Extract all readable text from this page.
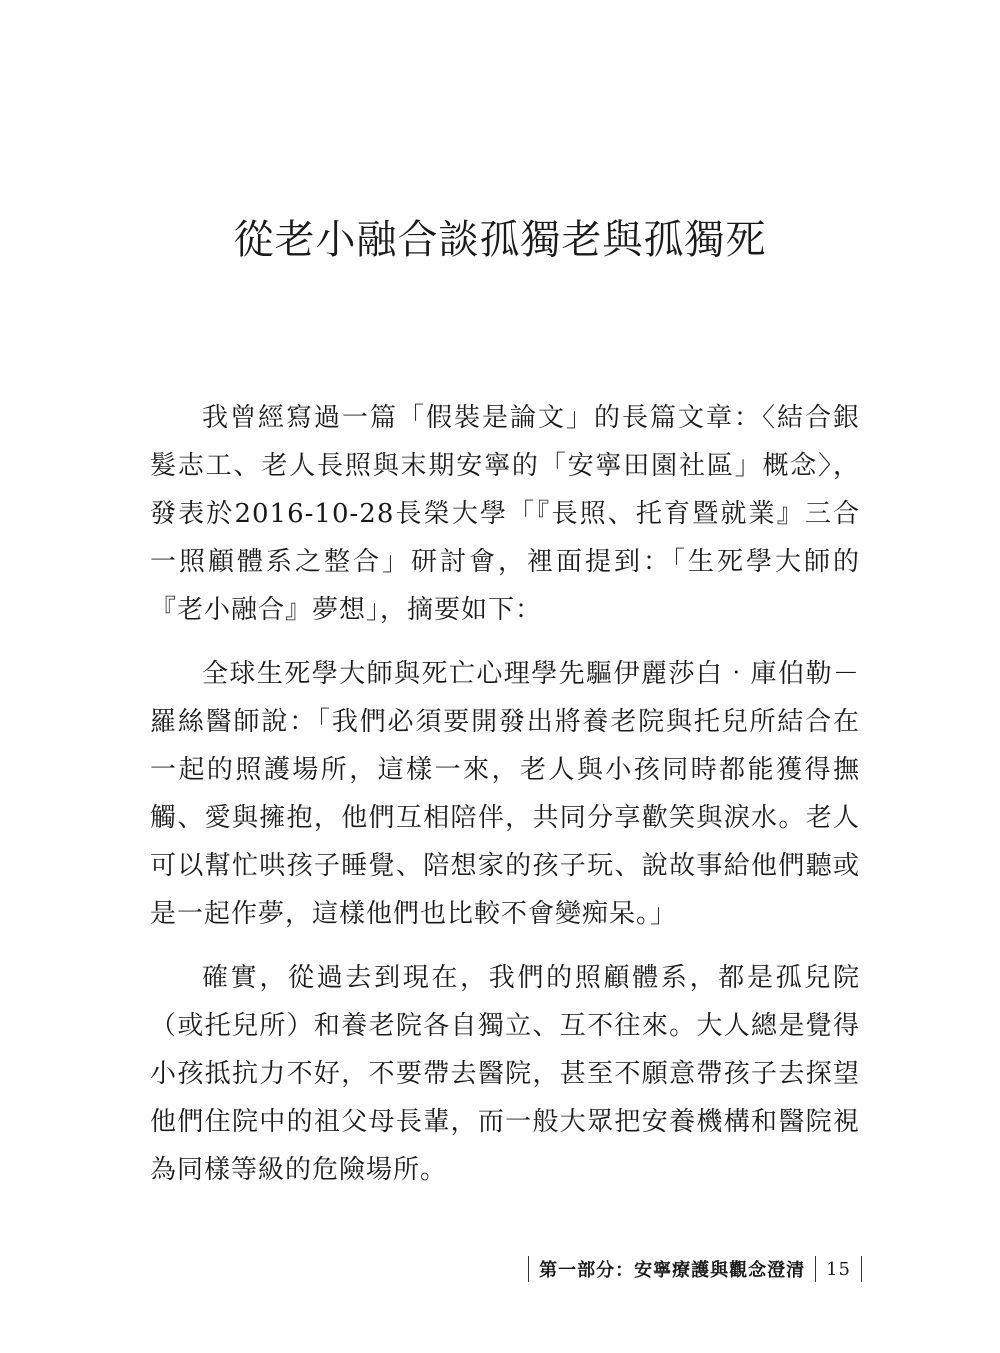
從老小融合談孤獨老與孤獨死

我曾經寫過一篇「假裝是論文」的長篇文章：〈結合銀髮志工、老人長照與末期安寧的「安寧田園社區」概念〉，發表於2016-10-28長榮大學「『長照、托育暨就業』三合一照顧體系之整合」研討會，裡面提到：「生死學大師的『老小融合』夢想」，摘要如下：

全球生死學大師與死亡心理學先驅伊麗莎白‧庫伯勒－羅絲醫師說：「我們必須要開發出將養老院與托兒所結合在一起的照護場所，這樣一來，老人與小孩同時都能獲得撫觸、愛與擁抱，他們互相陪伴，共同分享歡笑與淚水。老人可以幫忙哄孩子睡覺、陪想家的孩子玩、說故事給他們聽或是一起作夢，這樣他們也比較不會變痴呆。」

確實，從過去到現在，我們的照顧體系，都是孤兒院（或托兒所）和養老院各自獨立、互不往來。大人總是覺得小孩抵抗力不好，不要帶去醫院，甚至不願意帶孩子去探望他們住院中的祖父母長輩，而一般大眾把安養機構和醫院視為同樣等級的危險場所。

第一部分：安寧療護與觀念澄清	15
